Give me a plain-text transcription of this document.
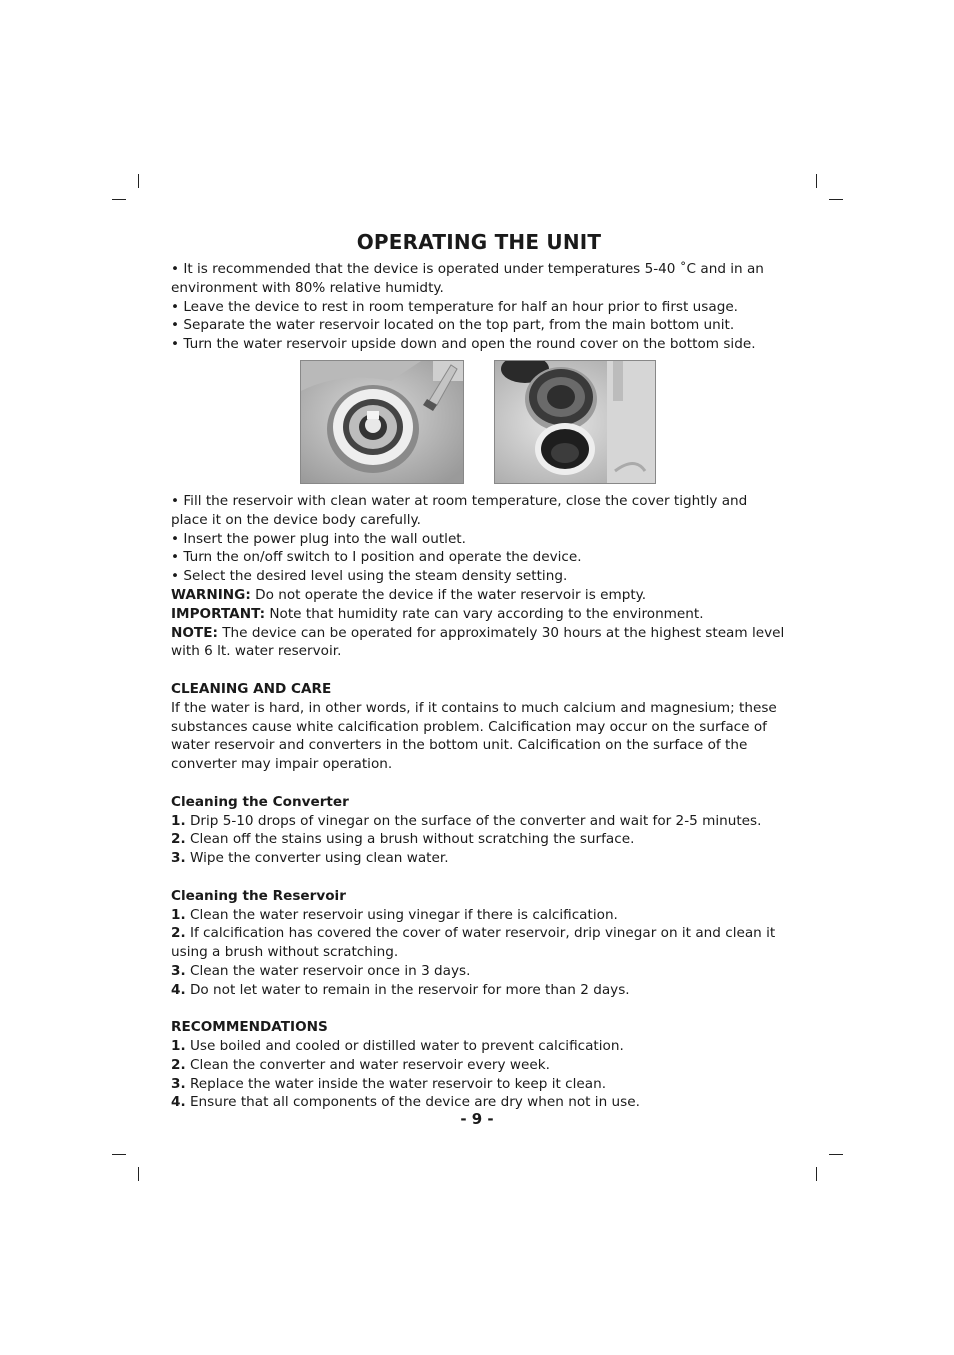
OPERATING THE UNIT

• It is recommended that the device is operated under temperatures 5-40 ˚C and in an environment with 80% relative humidty.

• Leave the device to rest in room temperature for half an hour prior to first usage.

• Separate the water reservoir located on the top part, from the main bottom unit.

• Turn the water reservoir upside down and open the round cover on the bottom side.

• Fill the reservoir with clean water at room temperature, close the cover tightly and place it on the device body carefully.

• Insert the power plug into the wall outlet.

• Turn the on/off switch to I position and operate the device.

• Select the desired level using the steam density setting.

WARNING: Do not operate the device if the water reservoir is empty.

IMPORTANT: Note that humidity rate can vary according to the environment.

NOTE: The device can be operated for approximately 30 hours at the highest steam level with 6 lt. water reservoir.

CLEANING AND CARE

If the water is hard, in other words, if it contains to much calcium and magnesium; these substances cause white calcification problem. Calcification may occur on the surface of water reservoir and converters in the bottom unit. Calcification on the surface of the converter may impair operation.

Cleaning the Converter

1. Drip 5-10 drops of vinegar on the surface of the converter and wait for 2-5 minutes.

2. Clean off the stains using a brush without scratching the surface.

3. Wipe the converter using clean water.

Cleaning the Reservoir

1. Clean the water reservoir using vinegar if there is calcification.

2. If calcification has covered the cover of water reservoir, drip vinegar on it and clean it using a brush without scratching.

3. Clean the water reservoir once in 3 days.

4. Do not let water to remain in the reservoir for more than 2 days.

RECOMMENDATIONS

1. Use boiled and cooled or distilled water to prevent calcification.

2. Clean the converter and water reservoir every week.

3. Replace the water inside the water reservoir to keep it clean.

4. Ensure that all components of the device are dry when not in use.

- 9 -
